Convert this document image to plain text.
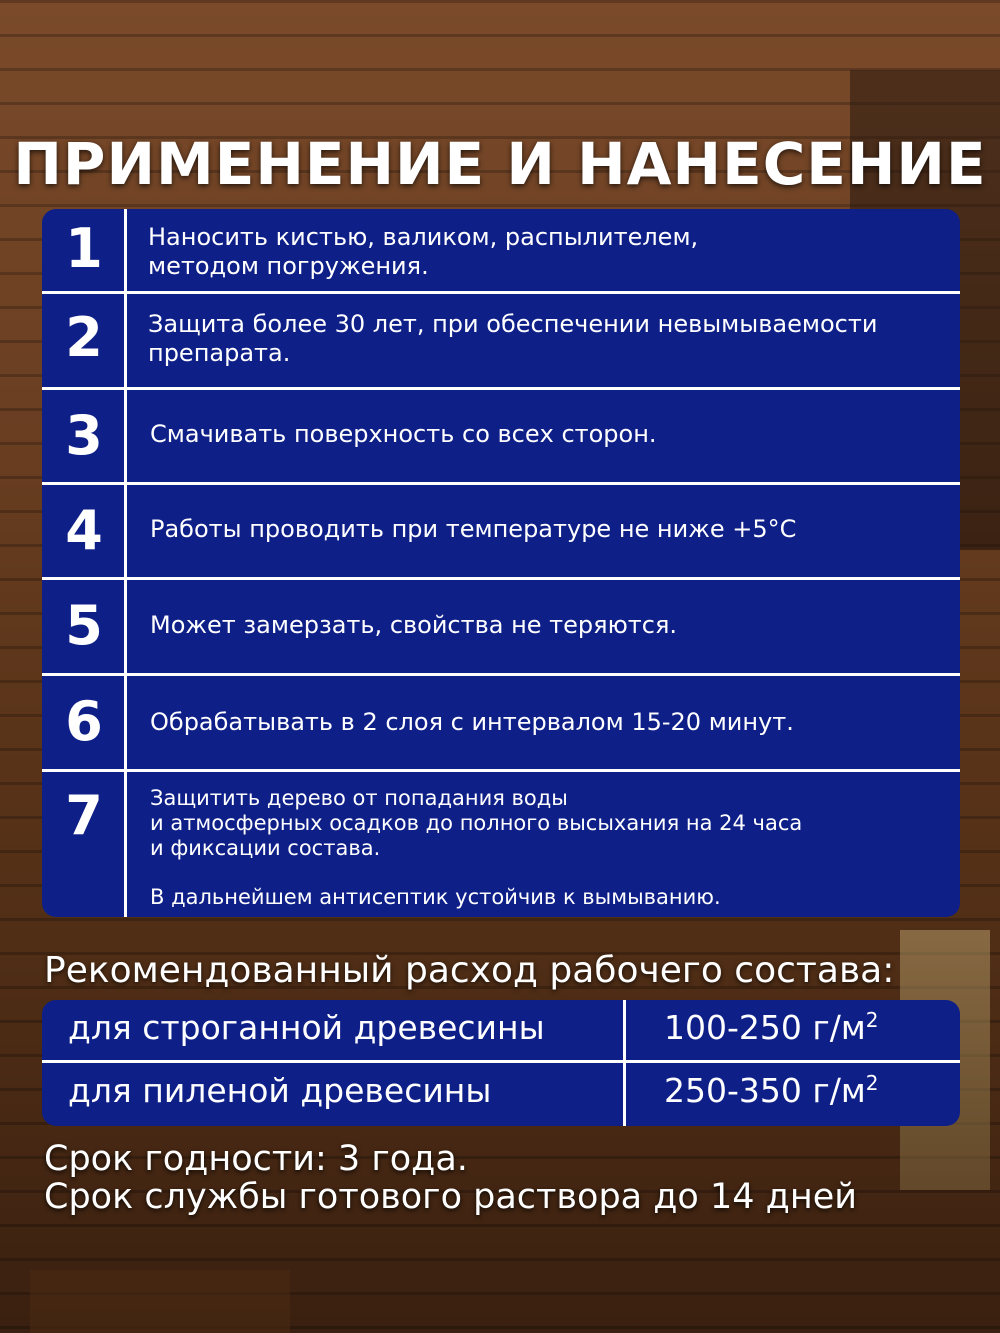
ПРИМЕНЕНИЕ И НАНЕСЕНИЕ
1	Наносить кистью, валиком, распылителем,
методом погружения.
2	Защита более 30 лет, при обеспечении невымываемости
препарата.
3	Смачивать поверхность со всех сторон.
4	Работы проводить при температуре не ниже +5°C
5	Может замерзать, свойства не теряются.
6	Обрабатывать в 2 слоя с интервалом 15-20 минут.
7	Защитить дерево от попадания воды
и атмосферных осадков до полного высыхания на 24 часа
и фиксации состава.
В дальнейшем антисептик устойчив к вымыванию.
Рекомендованный расход рабочего состава:
для строганной древесины	100-250 $г/м^2$
для пиленой древесины	250-350 $г/м^2$
Срок годности: 3 года.
Срок службы готового раствора до 14 дней
